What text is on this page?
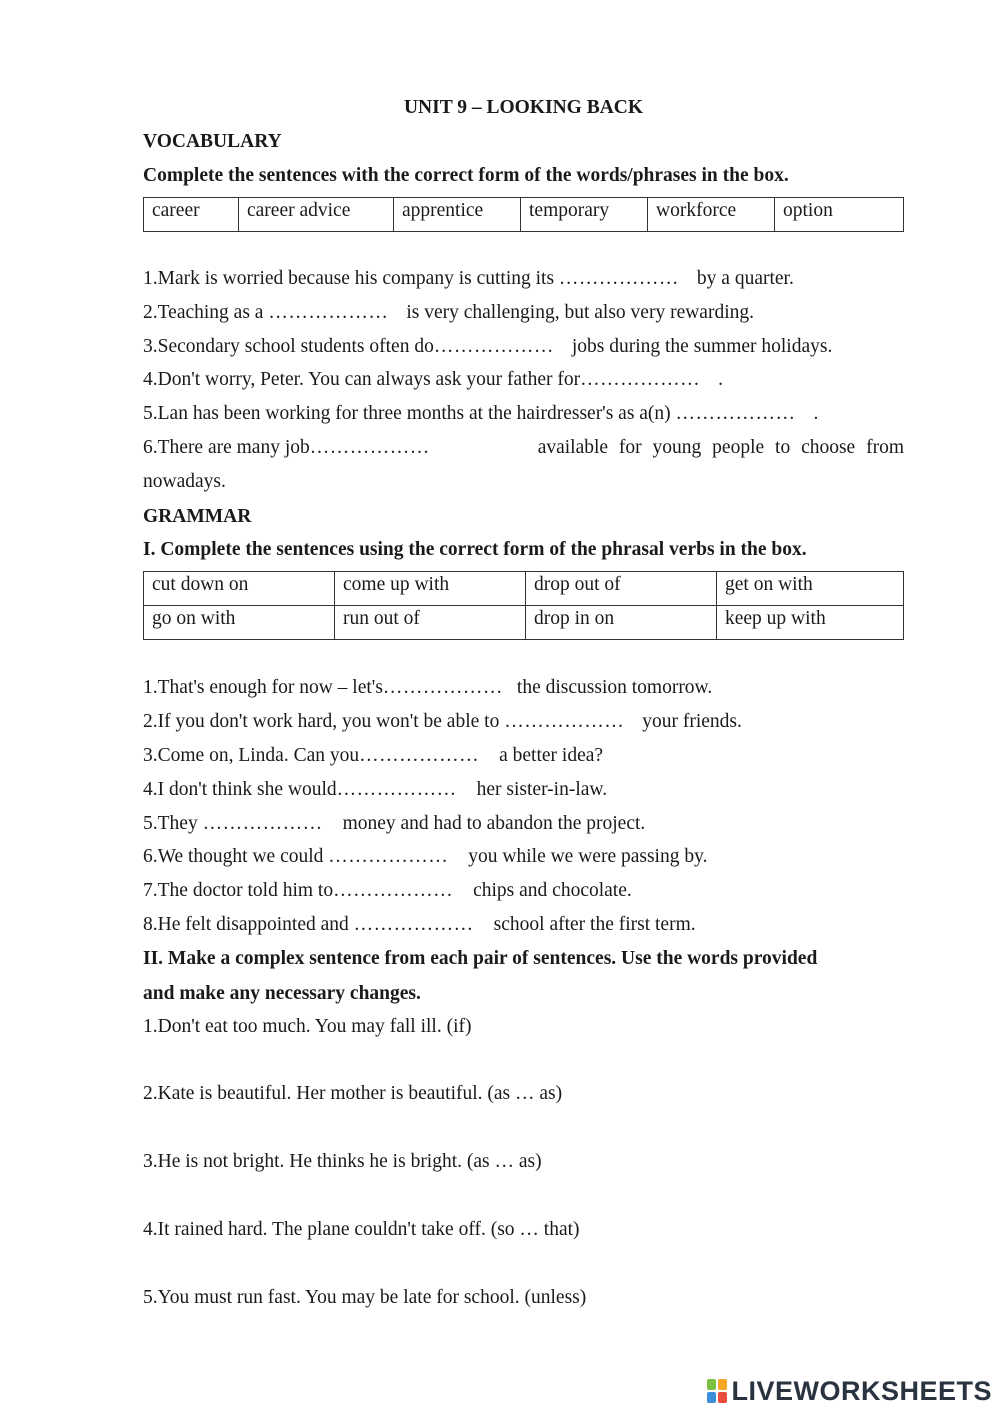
UNIT 9 – LOOKING BACK
VOCABULARY
Complete the sentences with the correct form of the words/phrases in the box.
career	career advice	apprentice	temporary	workforce	option
1.Mark is worried because his company is cutting its ……………… by a quarter.
2.Teaching as a ……………… is very challenging, but also very rewarding.
3.Secondary school students often do……………… jobs during the summer holidays.
4.Don't worry, Peter. You can always ask your father for……………… .
5.Lan has been working for three months at the hairdresser's as a(n) ……………… .
6.There are many job………………	available for young people to choose from
nowadays.
GRAMMAR
I. Complete the sentences using the correct form of the phrasal verbs in the box.
cut down on	come up with	drop out of	get on with
go on with	run out of	drop in on	keep up with
1.That's enough for now – let's……………… the discussion tomorrow.
2.If you don't work hard, you won't be able to ……………… your friends.
3.Come on, Linda. Can you……………… a better idea?
4.I don't think she would……………… her sister-in-law.
5.They ……………… money and had to abandon the project.
6.We thought we could ……………… you while we were passing by.
7.The doctor told him to……………… chips and chocolate.
8.He felt disappointed and ……………… school after the first term.
II. Make a complex sentence from each pair of sentences. Use the words provided
and make any necessary changes.
1.Don't eat too much. You may fall ill. (if)
2.Kate is beautiful. Her mother is beautiful. (as … as)
3.He is not bright. He thinks he is bright. (as … as)
4.It rained hard. The plane couldn't take off. (so … that)
5.You must run fast. You may be late for school. (unless)
LIVEWORKSHEETS
